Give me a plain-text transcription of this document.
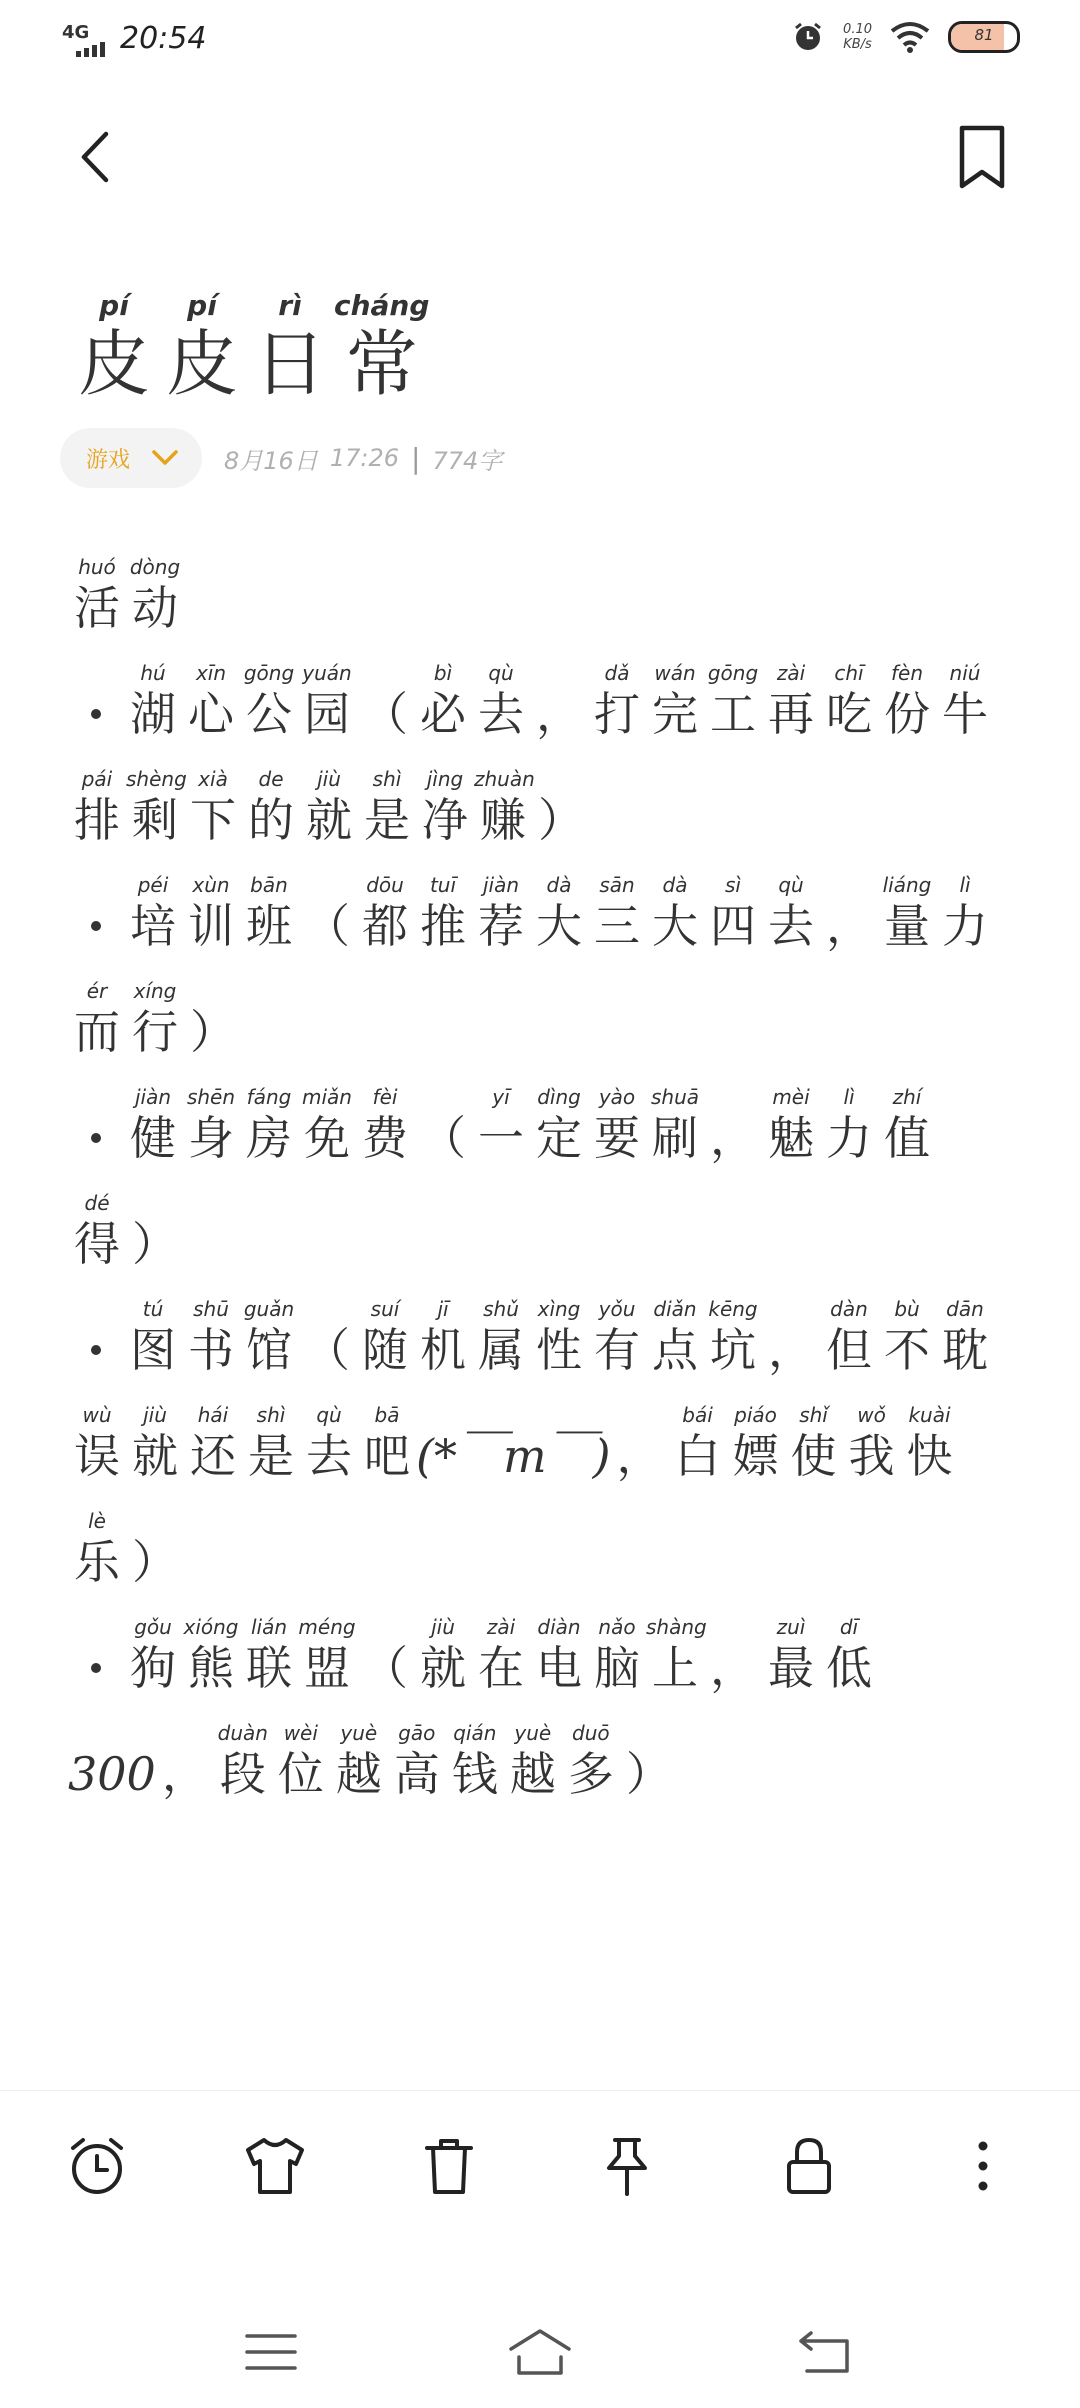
4G 20:54	0.10
KB/s
81
pí
皮
pí
皮
rì
日
cháng
常
游戏	8月16日 17:26 | 774字
huó
活
dòng
动
hú
湖
xīn
心
gōng
公
yuán
园 （
bì
必
qù
去 ，
dǎ
打
wán
完
gōng
工
zài
再
chī
吃
fèn
份
niú
牛
pái
排
shèng
剩
xià
下
de
的
jiù
就
shì
是
jìng
净
zhuàn
赚 ）
péi
培
xùn
训
bān
班 （
dōu
都
tuī
推
jiàn
荐
dà
大
sān
三
dà
大
sì
四
qù
去 ，
liáng
量
lì
力
ér
而
xíng
行 ）
jiàn
健
shēn
身
fáng
房
miǎn
免
fèi
费 （
yī
一
dìng
定
yào
要
shuā
刷 ，
mèi
魅
lì
力
zhí
值
dé
得 ）
tú
图
shū
书
guǎn
馆 （
suí
随
jī
机
shǔ
属
xìng
性
yǒu
有
diǎn
点
kēng
坑 ，
dàn
但
bù
不
dān
耽
wù
误
jiù
就
hái
还
shì
是
qù
去
bā
吧 (*￣m￣) ，
bái
白
piáo
嫖
shǐ
使
wǒ
我
kuài
快
lè
乐 ）
gǒu
狗
xióng
熊
lián
联
méng
盟 （
jiù
就
zài
在
diàn
电
nǎo
脑
shàng
上 ，
zuì
最
dī
低
300 ，
duàn
段
wèi
位
yuè
越
gāo
高
qián
钱
yuè
越
duō
多 ）
